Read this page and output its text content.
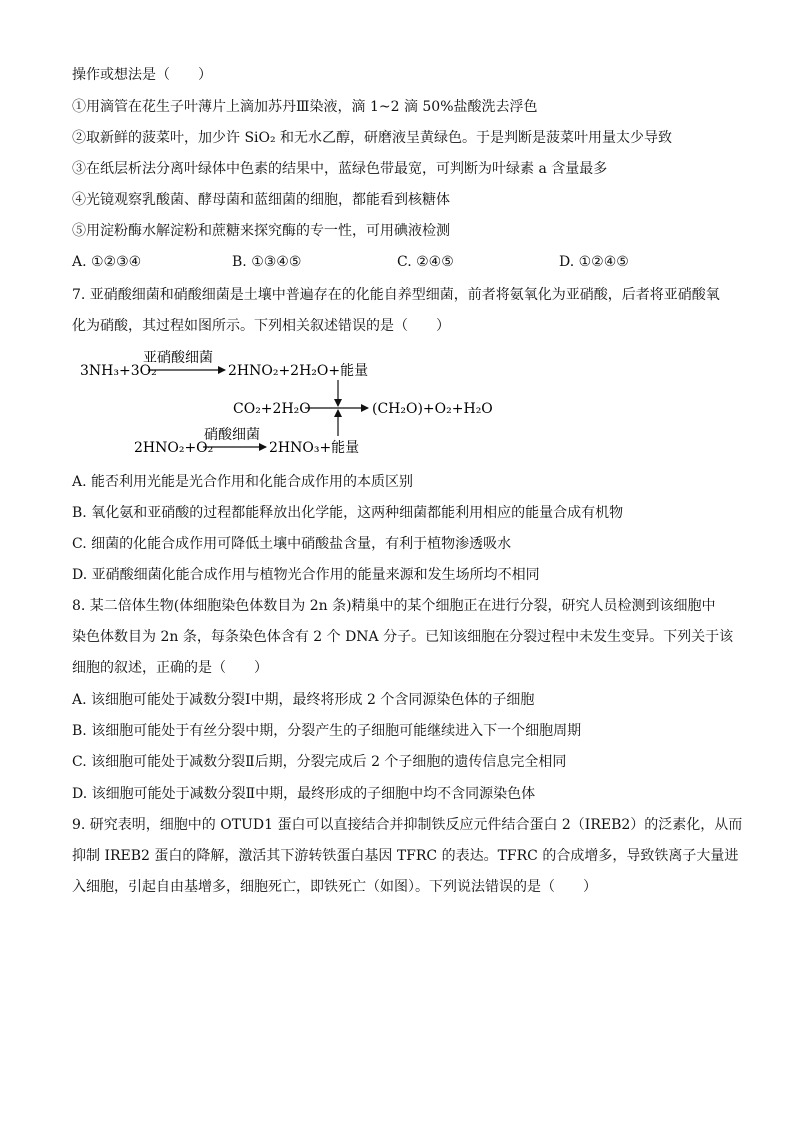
操作或想法是（　　）
①用滴管在花生子叶薄片上滴加苏丹Ⅲ染液，滴 1~2 滴 50%盐酸洗去浮色
②取新鲜的菠菜叶，加少许 SiO₂ 和无水乙醇，研磨液呈黄绿色。于是判断是菠菜叶用量太少导致
③在纸层析法分离叶绿体中色素的结果中，蓝绿色带最宽，可判断为叶绿素 a 含量最多
④光镜观察乳酸菌、酵母菌和蓝细菌的细胞，都能看到核糖体
⑤用淀粉酶水解淀粉和蔗糖来探究酶的专一性，可用碘液检测
A. ①②③④	B. ①③④⑤	C. ②④⑤	D. ①②④⑤
7. 亚硝酸细菌和硝酸细菌是土壤中普遍存在的化能自养型细菌，前者将氨氧化为亚硝酸，后者将亚硝酸氧
化为硝酸，其过程如图所示。下列相关叙述错误的是（　　）
3NH₃+3O₂
亚硝酸细菌
2HNO₂+2H₂O+能量
CO₂+2H₂O	(CH₂O)+O₂+H₂O
2HNO₂+O₂
硝酸细菌
2HNO₃+能量
A. 能否利用光能是光合作用和化能合成作用的本质区别
B. 氧化氨和亚硝酸的过程都能释放出化学能，这两种细菌都能利用相应的能量合成有机物
C. 细菌的化能合成作用可降低土壤中硝酸盐含量，有利于植物渗透吸水
D. 亚硝酸细菌化能合成作用与植物光合作用的能量来源和发生场所均不相同
8. 某二倍体生物(体细胞染色体数目为 2n 条)精巢中的某个细胞正在进行分裂，研究人员检测到该细胞中
染色体数目为 2n 条，每条染色体含有 2 个 DNA 分子。已知该细胞在分裂过程中未发生变异。下列关于该
细胞的叙述，正确的是（　　）
A. 该细胞可能处于减数分裂Ⅰ中期，最终将形成 2 个含同源染色体的子细胞
B. 该细胞可能处于有丝分裂中期，分裂产生的子细胞可能继续进入下一个细胞周期
C. 该细胞可能处于减数分裂Ⅱ后期，分裂完成后 2 个子细胞的遗传信息完全相同
D. 该细胞可能处于减数分裂Ⅱ中期，最终形成的子细胞中均不含同源染色体
9. 研究表明，细胞中的 OTUD1 蛋白可以直接结合并抑制铁反应元件结合蛋白 2（IREB2）的泛素化，从而
抑制 IREB2 蛋白的降解，激活其下游转铁蛋白基因 TFRC 的表达。TFRC 的合成增多，导致铁离子大量进
入细胞，引起自由基增多，细胞死亡，即铁死亡（如图）。下列说法错误的是（　　）
